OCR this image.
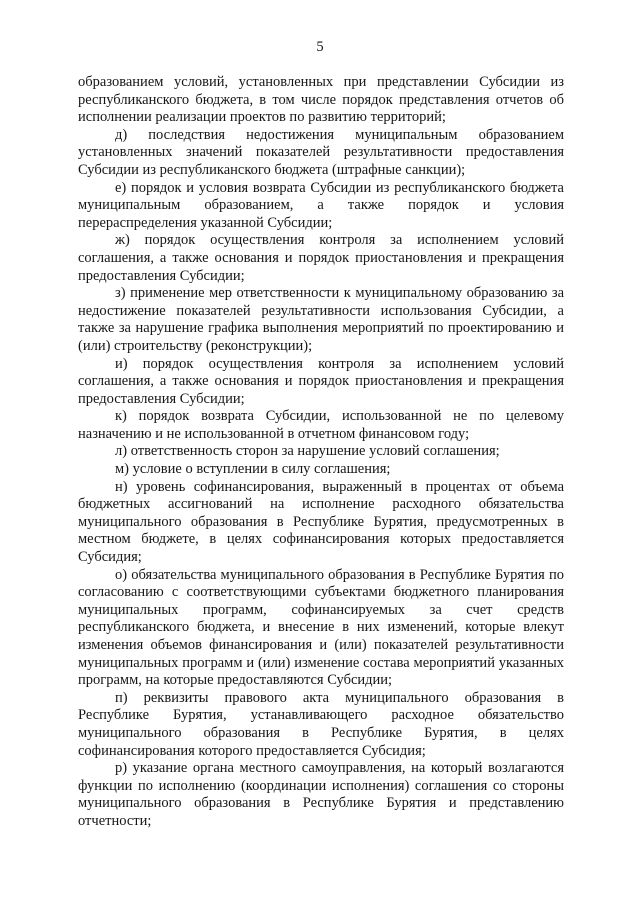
5

образованием условий, установленных при представлении Субсидии из республиканского бюджета, в том числе порядок представления отчетов об исполнении реализации проектов по развитию территорий;

д) последствия недостижения муниципальным образованием установленных значений показателей результативности предоставления Субсидии из республиканского бюджета (штрафные санкции);

е) порядок и условия возврата Субсидии из республиканского бюджета муниципальным образованием, а также порядок и условия перераспределения указанной Субсидии;

ж) порядок осуществления контроля за исполнением условий соглашения, а также основания и порядок приостановления и прекращения предоставления Субсидии;

з) применение мер ответственности к муниципальному образованию за недостижение показателей результативности использования Субсидии, а также за нарушение графика выполнения мероприятий по проектированию и (или) строительству (реконструкции);

и) порядок осуществления контроля за исполнением условий соглашения, а также основания и порядок приостановления и прекращения предоставления Субсидии;

к) порядок возврата Субсидии, использованной не по целевому назначению и не использованной в отчетном финансовом году;

л) ответственность сторон за нарушение условий соглашения;

м) условие о вступлении в силу соглашения;

н) уровень софинансирования, выраженный в процентах от объема бюджетных ассигнований на исполнение расходного обязательства муниципального образования в Республике Бурятия, предусмотренных в местном бюджете, в целях софинансирования которых предоставляется Субсидия;

о) обязательства муниципального образования в Республике Бурятия по согласованию с соответствующими субъектами бюджетного планирования муниципальных программ, софинансируемых за счет средств республиканского бюджета, и внесение в них изменений, которые влекут изменения объемов финансирования и (или) показателей результативности муниципальных программ и (или) изменение состава мероприятий указанных программ, на которые предоставляются Субсидии;

п) реквизиты правового акта муниципального образования в Республике Бурятия, устанавливающего расходное обязательство муниципального образования в Республике Бурятия, в целях софинансирования которого предоставляется Субсидия;

р) указание органа местного самоуправления, на который возлагаются функции по исполнению (координации исполнения) соглашения со стороны муниципального образования в Республике Бурятия и представлению отчетности;
